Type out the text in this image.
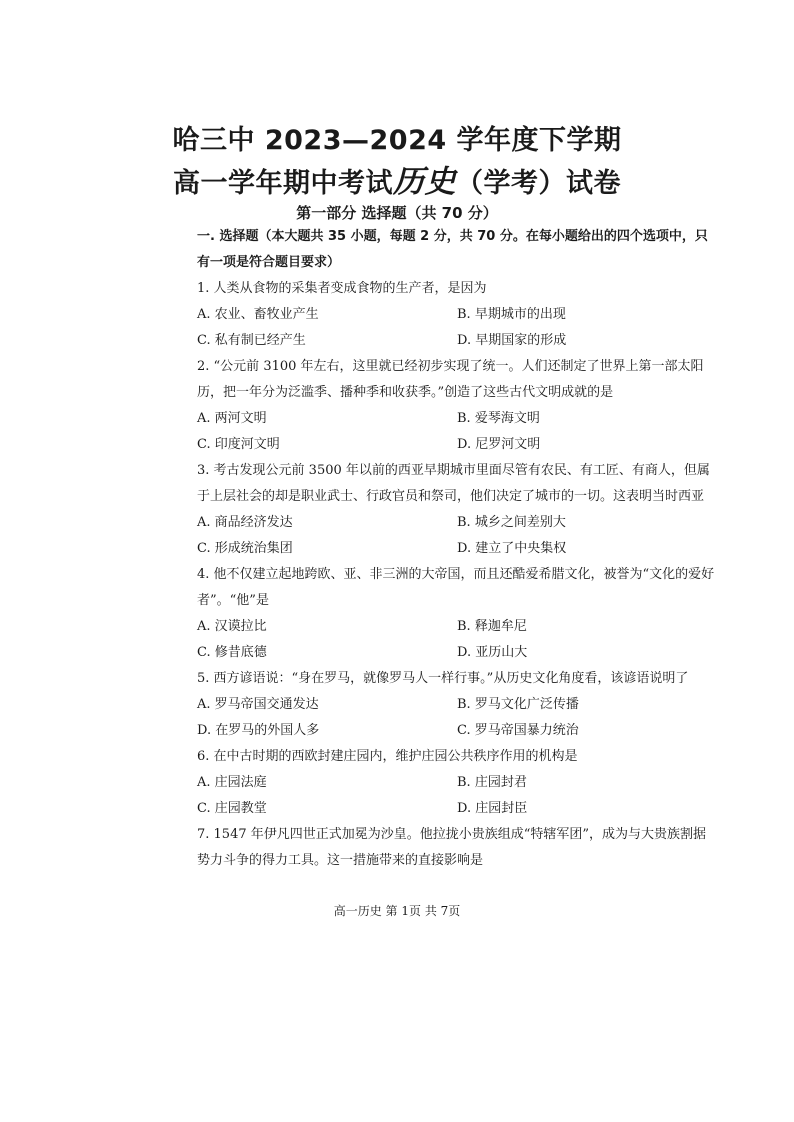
哈三中 2023—2024 学年度下学期
高一学年期中考试历史（学考）试卷
第一部分 选择题（共 70 分）
一. 选择题（本大题共 35 小题，每题 2 分，共 70 分。在每小题给出的四个选项中，只有一项是符合题目要求）
1. 人类从食物的采集者变成食物的生产者，是因为
A. 农业、畜牧业产生	B. 早期城市的出现
C. 私有制已经产生	D. 早期国家的形成
2. “公元前 3100 年左右，这里就已经初步实现了统一。人们还制定了世界上第一部太阳历，把一年分为泛滥季、播种季和收获季。”创造了这些古代文明成就的是
A. 两河文明	B. 爱琴海文明
C. 印度河文明	D. 尼罗河文明
3. 考古发现公元前 3500 年以前的西亚早期城市里面尽管有农民、有工匠、有商人，但属于上层社会的却是职业武士、行政官员和祭司，他们决定了城市的一切。这表明当时西亚
A. 商品经济发达	B. 城乡之间差别大
C. 形成统治集团	D. 建立了中央集权
4. 他不仅建立起地跨欧、亚、非三洲的大帝国，而且还酷爱希腊文化，被誉为“文化的爱好者”。“他”是
A. 汉谟拉比	B. 释迦牟尼
C. 修昔底德	D. 亚历山大
5. 西方谚语说：“身在罗马，就像罗马人一样行事。”从历史文化角度看，该谚语说明了
A. 罗马帝国交通发达	B. 罗马文化广泛传播
D. 在罗马的外国人多	C. 罗马帝国暴力统治
6. 在中古时期的西欧封建庄园内，维护庄园公共秩序作用的机构是
A. 庄园法庭	B. 庄园封君
C. 庄园教堂	D. 庄园封臣
7. 1547 年伊凡四世正式加冕为沙皇。他拉拢小贵族组成“特辖军团”，成为与大贵族割据势力斗争的得力工具。这一措施带来的直接影响是
高一历史 第 1页 共 7页
